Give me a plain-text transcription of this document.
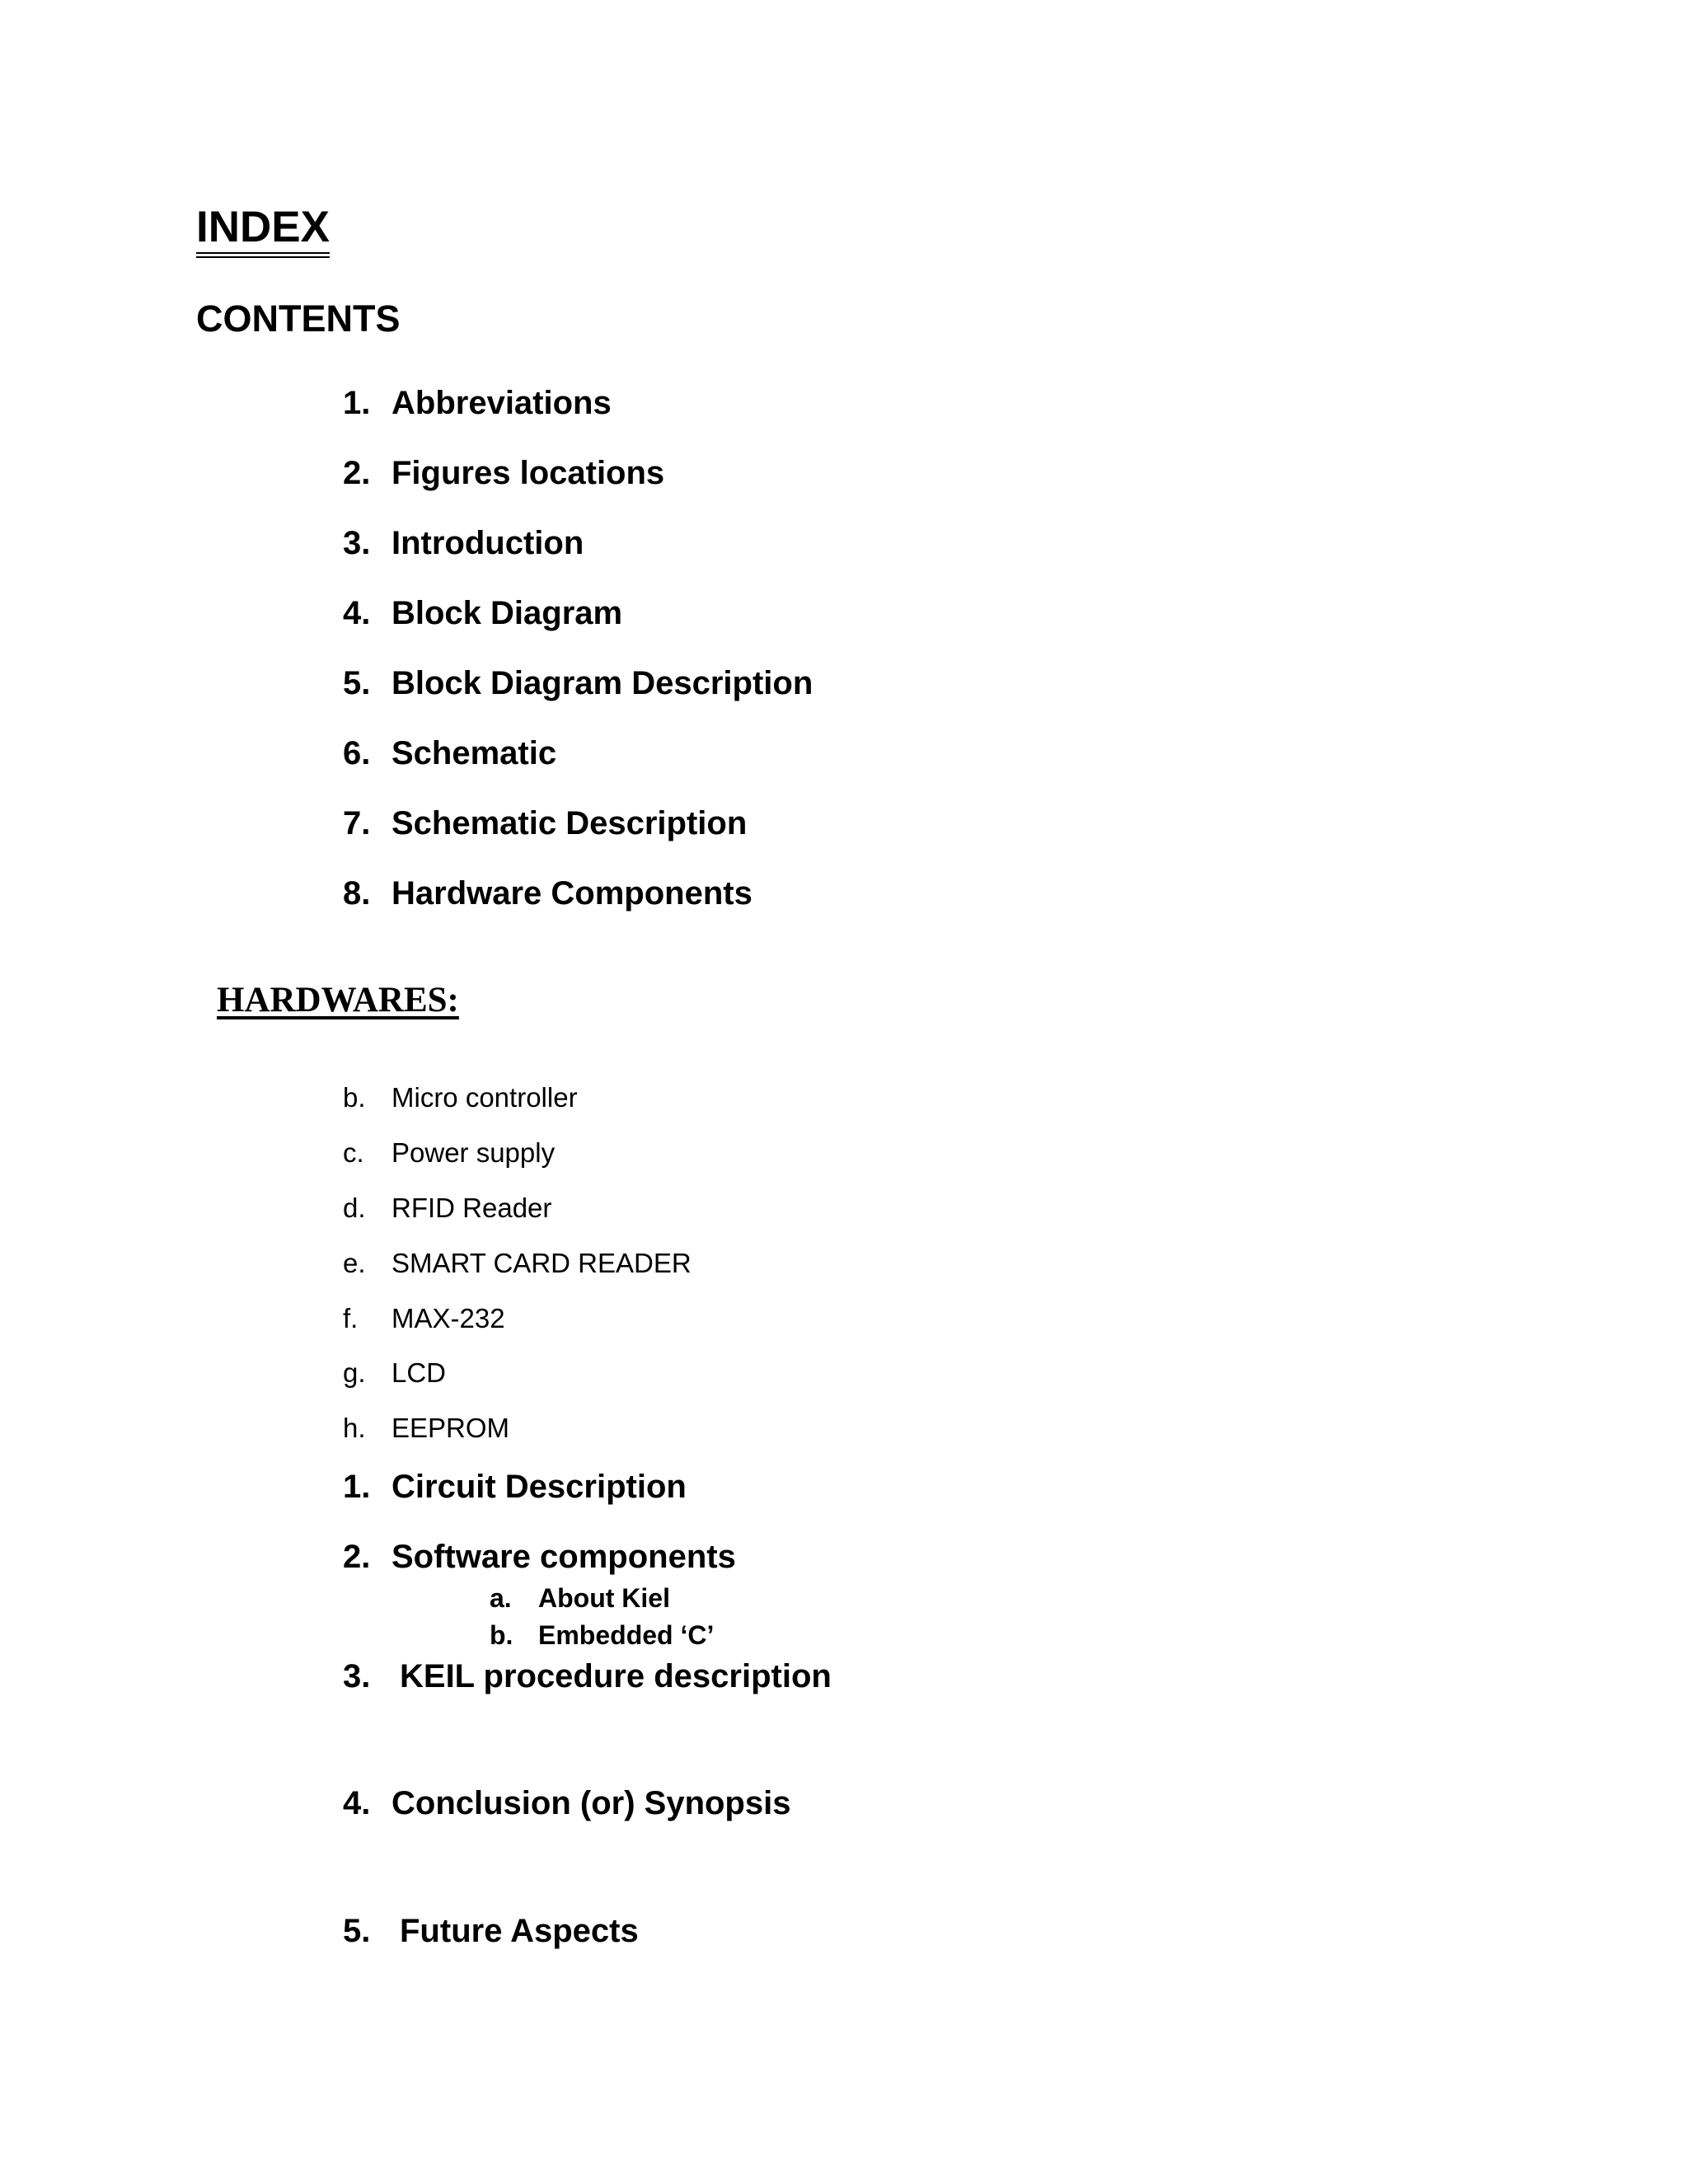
INDEX
CONTENTS
1. Abbreviations
2. Figures locations
3. Introduction
4. Block Diagram
5. Block Diagram Description
6. Schematic
7. Schematic Description
8. Hardware Components
HARDWARES:
b. Micro controller
c. Power supply
d. RFID Reader
e. SMART CARD READER
f. MAX-232
g. LCD
h. EEPROM
1. Circuit Description
2. Software components
a. About Kiel
b. Embedded ‘C’
3. KEIL procedure description
4. Conclusion (or) Synopsis
5. Future Aspects
